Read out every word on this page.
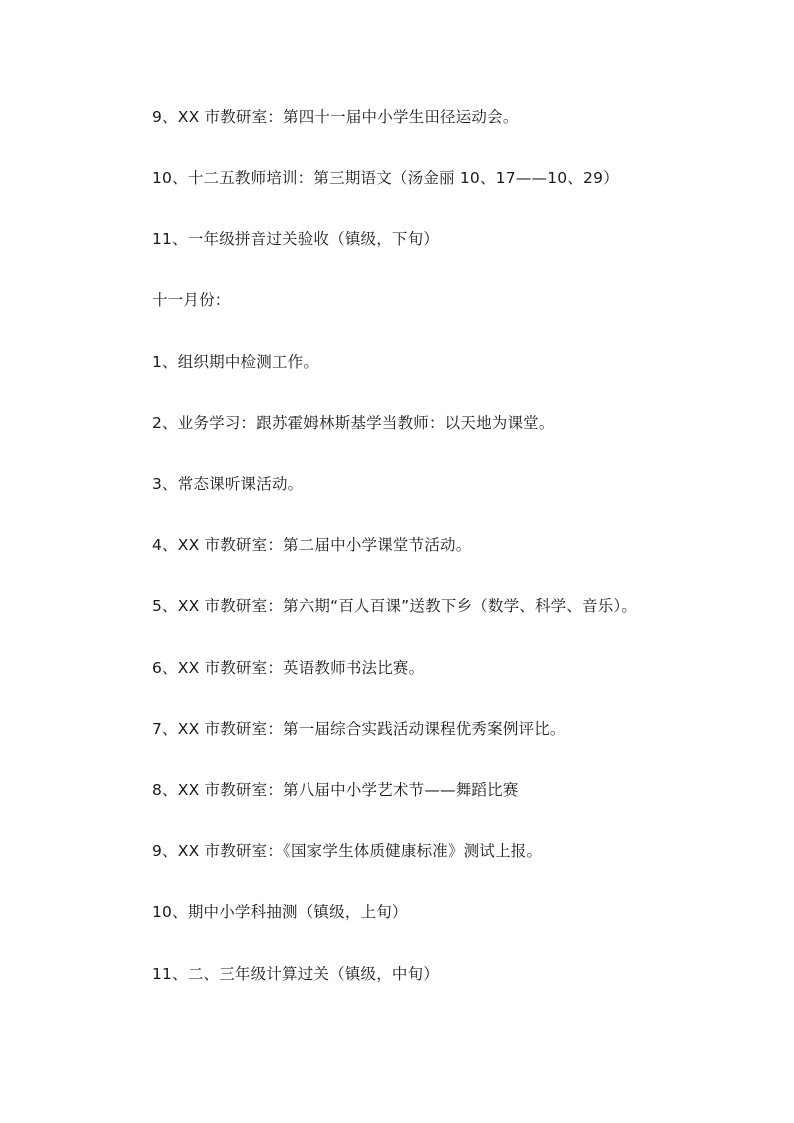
9、XX 市教研室：第四十一届中小学生田径运动会。
10、十二五教师培训：第三期语文（汤金丽 10、17——10、29）
11、一年级拼音过关验收（镇级，下旬）
十一月份：
1、组织期中检测工作。
2、业务学习：跟苏霍姆林斯基学当教师：以天地为课堂。
3、常态课听课活动。
4、XX 市教研室：第二届中小学课堂节活动。
5、XX 市教研室：第六期“百人百课”送教下乡（数学、科学、音乐）。
6、XX 市教研室：英语教师书法比赛。
7、XX 市教研室：第一届综合实践活动课程优秀案例评比。
8、XX 市教研室：第八届中小学艺术节——舞蹈比赛
9、XX 市教研室：《国家学生体质健康标准》测试上报。
10、期中小学科抽测（镇级，上旬）
11、二、三年级计算过关（镇级，中旬）
